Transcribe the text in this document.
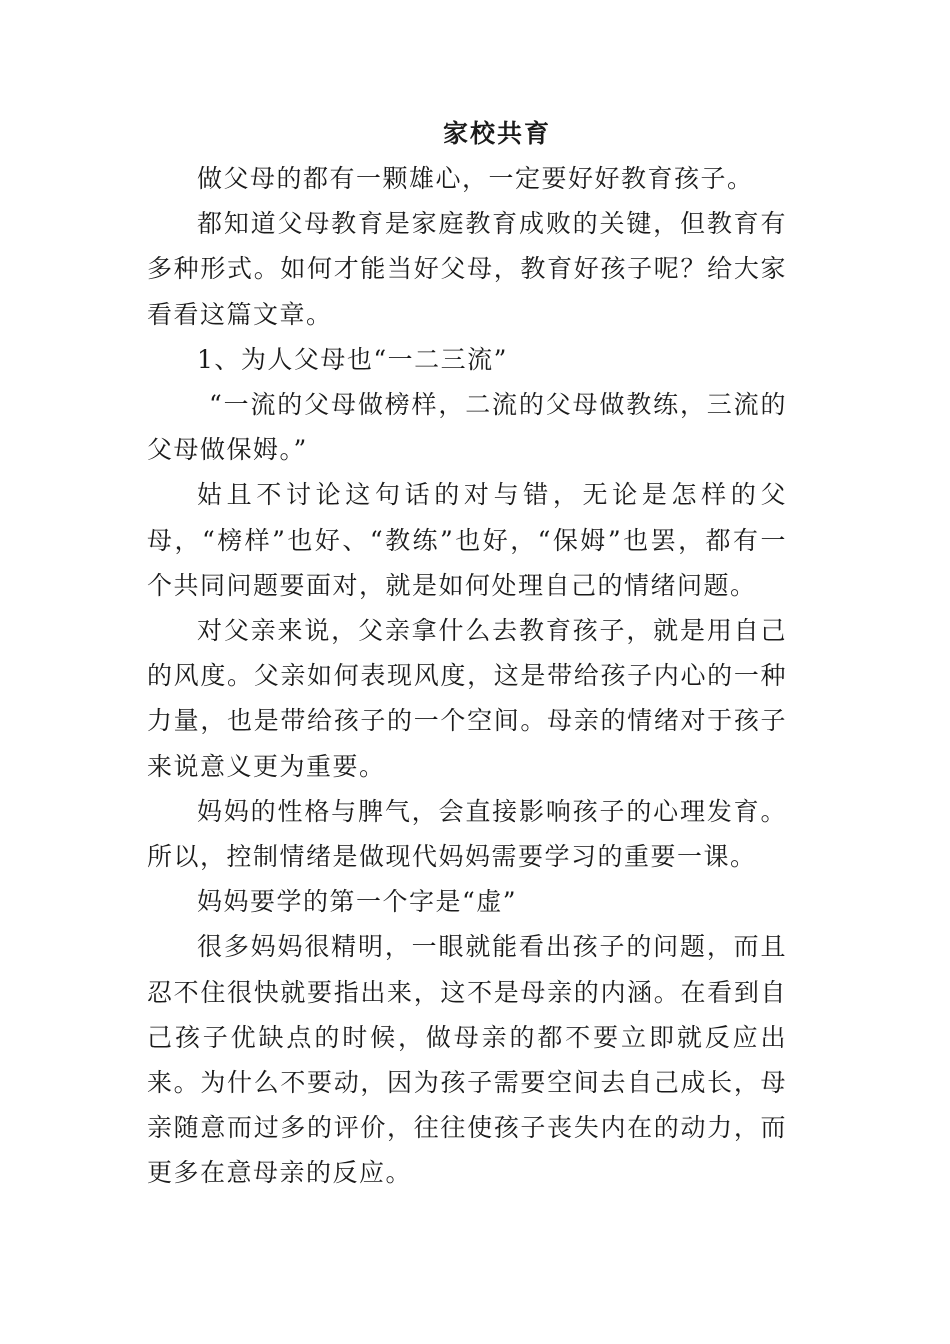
家校共育

做父母的都有一颗雄心，一定要好好教育孩子。

都知道父母教育是家庭教育成败的关键，但教育有多种形式。如何才能当好父母，教育好孩子呢？给大家看看这篇文章。

1、为人父母也“一二三流”

“一流的父母做榜样，二流的父母做教练，三流的父母做保姆。”

姑且不讨论这句话的对与错，无论是怎样的父母，“榜样”也好、“教练”也好，“保姆”也罢，都有一个共同问题要面对，就是如何处理自己的情绪问题。

对父亲来说，父亲拿什么去教育孩子，就是用自己的风度。父亲如何表现风度，这是带给孩子内心的一种力量，也是带给孩子的一个空间。母亲的情绪对于孩子来说意义更为重要。

妈妈的性格与脾气，会直接影响孩子的心理发育。所以，控制情绪是做现代妈妈需要学习的重要一课。

妈妈要学的第一个字是“虚”

很多妈妈很精明，一眼就能看出孩子的问题，而且忍不住很快就要指出来，这不是母亲的内涵。在看到自己孩子优缺点的时候，做母亲的都不要立即就反应出来。为什么不要动，因为孩子需要空间去自己成长，母亲随意而过多的评价，往往使孩子丧失内在的动力，而更多在意母亲的反应。
